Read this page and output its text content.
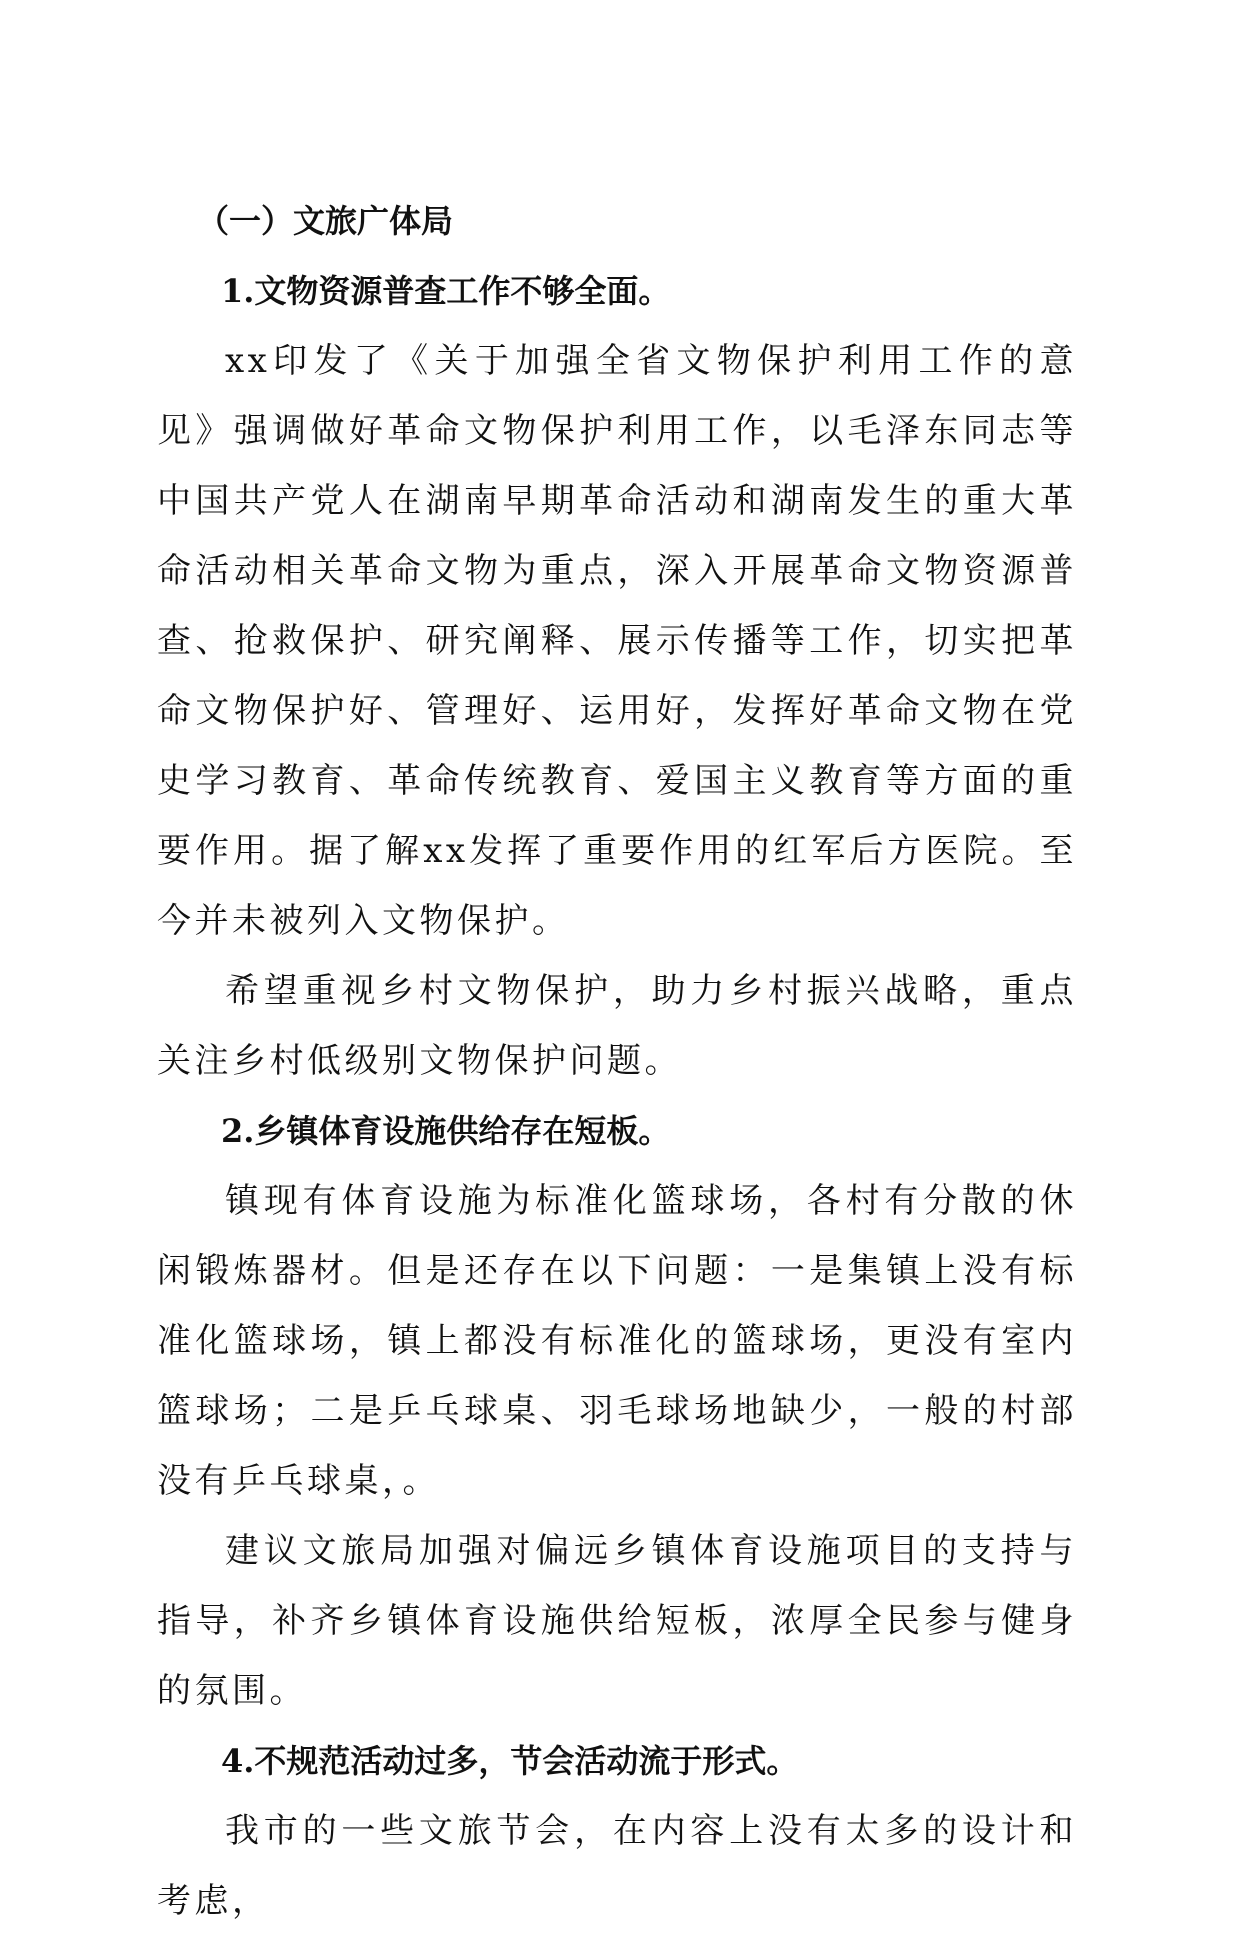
（一）文旅广体局
1.文物资源普查工作不够全面。

xx印发了《关于加强全省文物保护利用工作的意见》强调做好革命文物保护利用工作，以毛泽东同志等中国共产党人在湖南早期革命活动和湖南发生的重大革命活动相关革命文物为重点，深入开展革命文物资源普查、抢救保护、研究阐释、展示传播等工作，切实把革命文物保护好、管理好、运用好，发挥好革命文物在党史学习教育、革命传统教育、爱国主义教育等方面的重要作用。据了解xx发挥了重要作用的红军后方医院。至今并未被列入文物保护。

希望重视乡村文物保护，助力乡村振兴战略，重点关注乡村低级别文物保护问题。

2.乡镇体育设施供给存在短板。

镇现有体育设施为标准化篮球场，各村有分散的休闲锻炼器材。但是还存在以下问题：一是集镇上没有标准化篮球场，镇上都没有标准化的篮球场，更没有室内篮球场；二是乒乓球桌、羽毛球场地缺少，一般的村部没有乒乓球桌，。

建议文旅局加强对偏远乡镇体育设施项目的支持与指导，补齐乡镇体育设施供给短板，浓厚全民参与健身的氛围。

4.不规范活动过多，节会活动流于形式。

我市的一些文旅节会，在内容上没有太多的设计和考虑，
